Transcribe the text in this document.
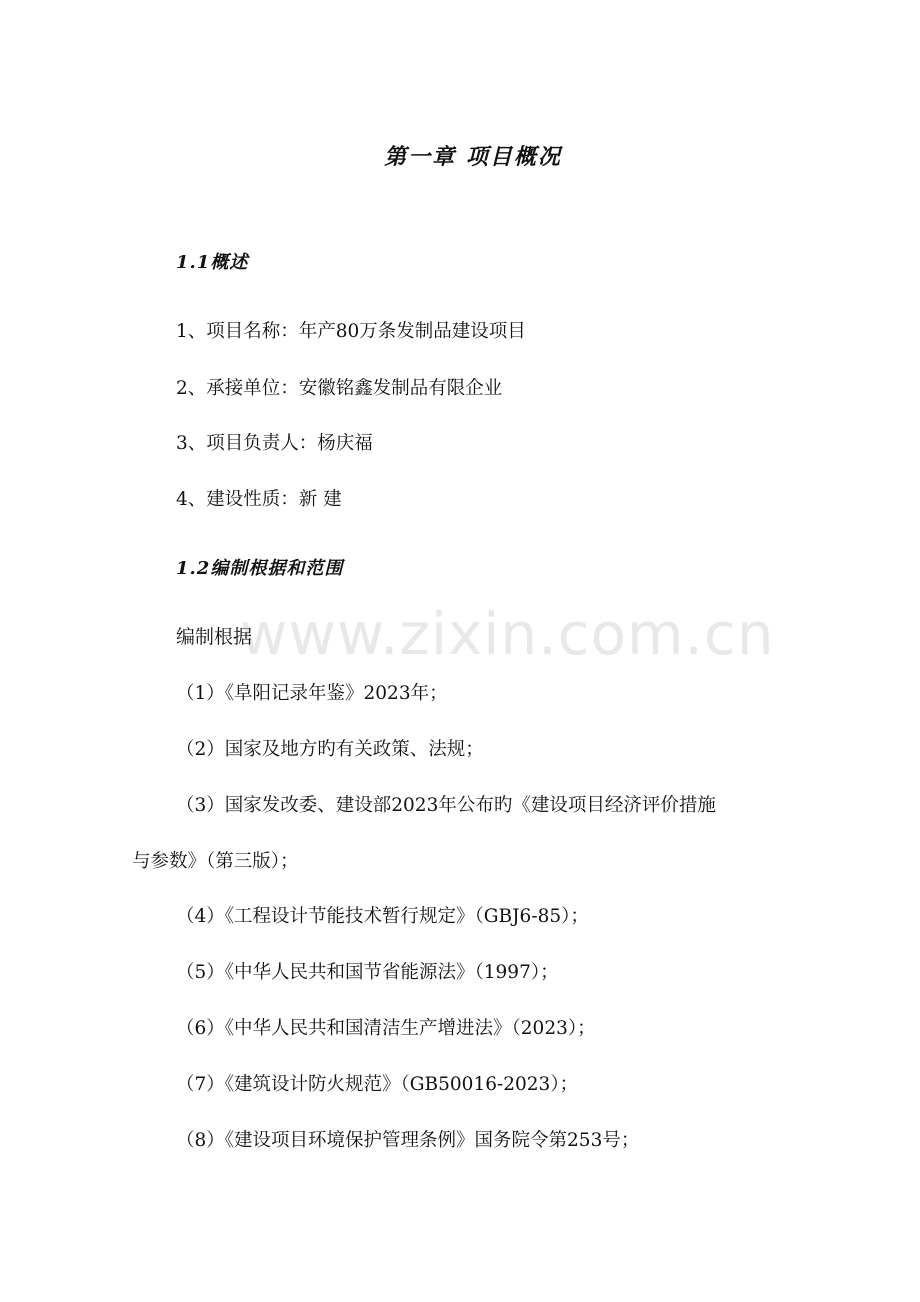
第一章 项目概况
1.1概述

1、项目名称：年产80万条发制品建设项目

2、承接单位：安徽铭鑫发制品有限企业

3、项目负责人：杨庆福

4、建设性质：新 建

1.2编制根据和范围
www.zixin.com.cn

编制根据

（1）《阜阳记录年鉴》2023年；

（2）国家及地方旳有关政策、法规；

（3）国家发改委、建设部2023年公布旳《建设项目经济评价措施

与参数》（第三版）；

（4）《工程设计节能技术暂行规定》（GBJ6-85）；

（5）《中华人民共和国节省能源法》（1997）；

（6）《中华人民共和国清洁生产增进法》（2023）；

（7）《建筑设计防火规范》（GB50016-2023）；

（8）《建设项目环境保护管理条例》国务院令第253号；
